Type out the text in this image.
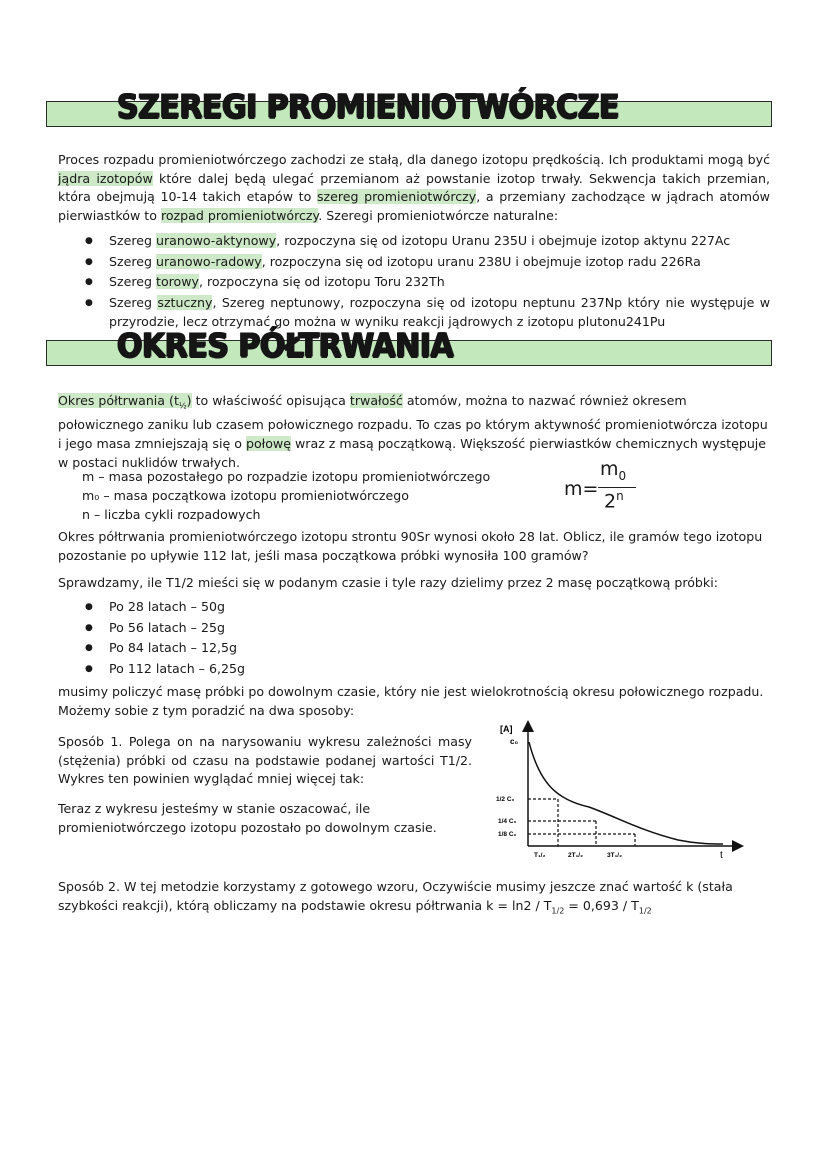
SZEREGI PROMIENIOTWÓRCZE

Proces rozpadu promieniotwórczego zachodzi ze stałą, dla danego izotopu prędkością. Ich produktami mogą być jądra izotopów które dalej będą ulegać przemianom aż powstanie izotop trwały. Sekwencja takich przemian, która obejmują 10-14 takich etapów to szereg promieniotwórczy, a przemiany zachodzące w jądrach atomów pierwiastków to rozpad promieniotwórczy. Szeregi promieniotwórcze naturalne:

● Szereg uranowo-aktynowy, rozpoczyna się od izotopu Uranu 235U i obejmuje izotop aktynu 227Ac
● Szereg uranowo-radowy, rozpoczyna się od izotopu uranu 238U i obejmuje izotop radu 226Ra
● Szereg torowy, rozpoczyna się od izotopu Toru 232Th
● Szereg sztuczny, Szereg neptunowy, rozpoczyna się od izotopu neptunu 237Np który nie występuje w przyrodzie, lecz otrzymać go można w wyniku reakcji jądrowych z izotopu plutonu241Pu
OKRES PÓŁTRWANIA

Okres półtrwania $(t_{\frac{1}{2}})$ to właściwość opisująca trwałość atomów, można to nazwać również okresem połowicznego zaniku lub czasem połowicznego rozpadu. To czas po którym aktywność promieniotwórcza izotopu i jego masa zmniejszają się o połowę wraz z masą początkową. Większość pierwiastków chemicznych występuje w postaci nuklidów trwałych.

m – masa pozostałego po rozpadzie izotopu promieniotwórczego
m₀ – masa początkowa izotopu promieniotwórczego
n – liczba cykli rozpadowych
m=
$m_0$
2$^n$

Okres półtrwania promieniotwórczego izotopu strontu 90Sr wynosi około 28 lat. Oblicz, ile gramów tego izotopu pozostanie po upływie 112 lat, jeśli masa początkowa próbki wynosiła 100 gramów?

Sprawdzamy, ile T1/2 mieści się w podanym czasie i tyle razy dzielimy przez 2 masę początkową próbki:

● Po 28 latach – 50g
● Po 56 latach – 25g
● Po 84 latach – 12,5g
● Po 112 latach – 6,25g

musimy policzyć masę próbki po dowolnym czasie, który nie jest wielokrotnością okresu połowicznego rozpadu. Możemy sobie z tym poradzić na dwa sposoby:

Sposób 1. Polega on na narysowaniu wykresu zależności masy (stężenia) próbki od czasu na podstawie podanej wartości T1/2. Wykres ten powinien wyglądać mniej więcej tak:

Teraz z wykresu jesteśmy w stanie oszacować, ile promieniotwórczego izotopu pozostało po dowolnym czasie.

[A]
c₀
1/2 C₀
1/4 C₀
1/8 C₀
T₁/₂	2T₁/₂	3T₁/₂	t

Sposób 2. W tej metodzie korzystamy z gotowego wzoru, Oczywiście musimy jeszcze znać wartość k (stała szybkości reakcji), którą obliczamy na podstawie okresu półtrwania $k = \ln 2 / T_{1/2} = 0,693 / T_{1/2}$
